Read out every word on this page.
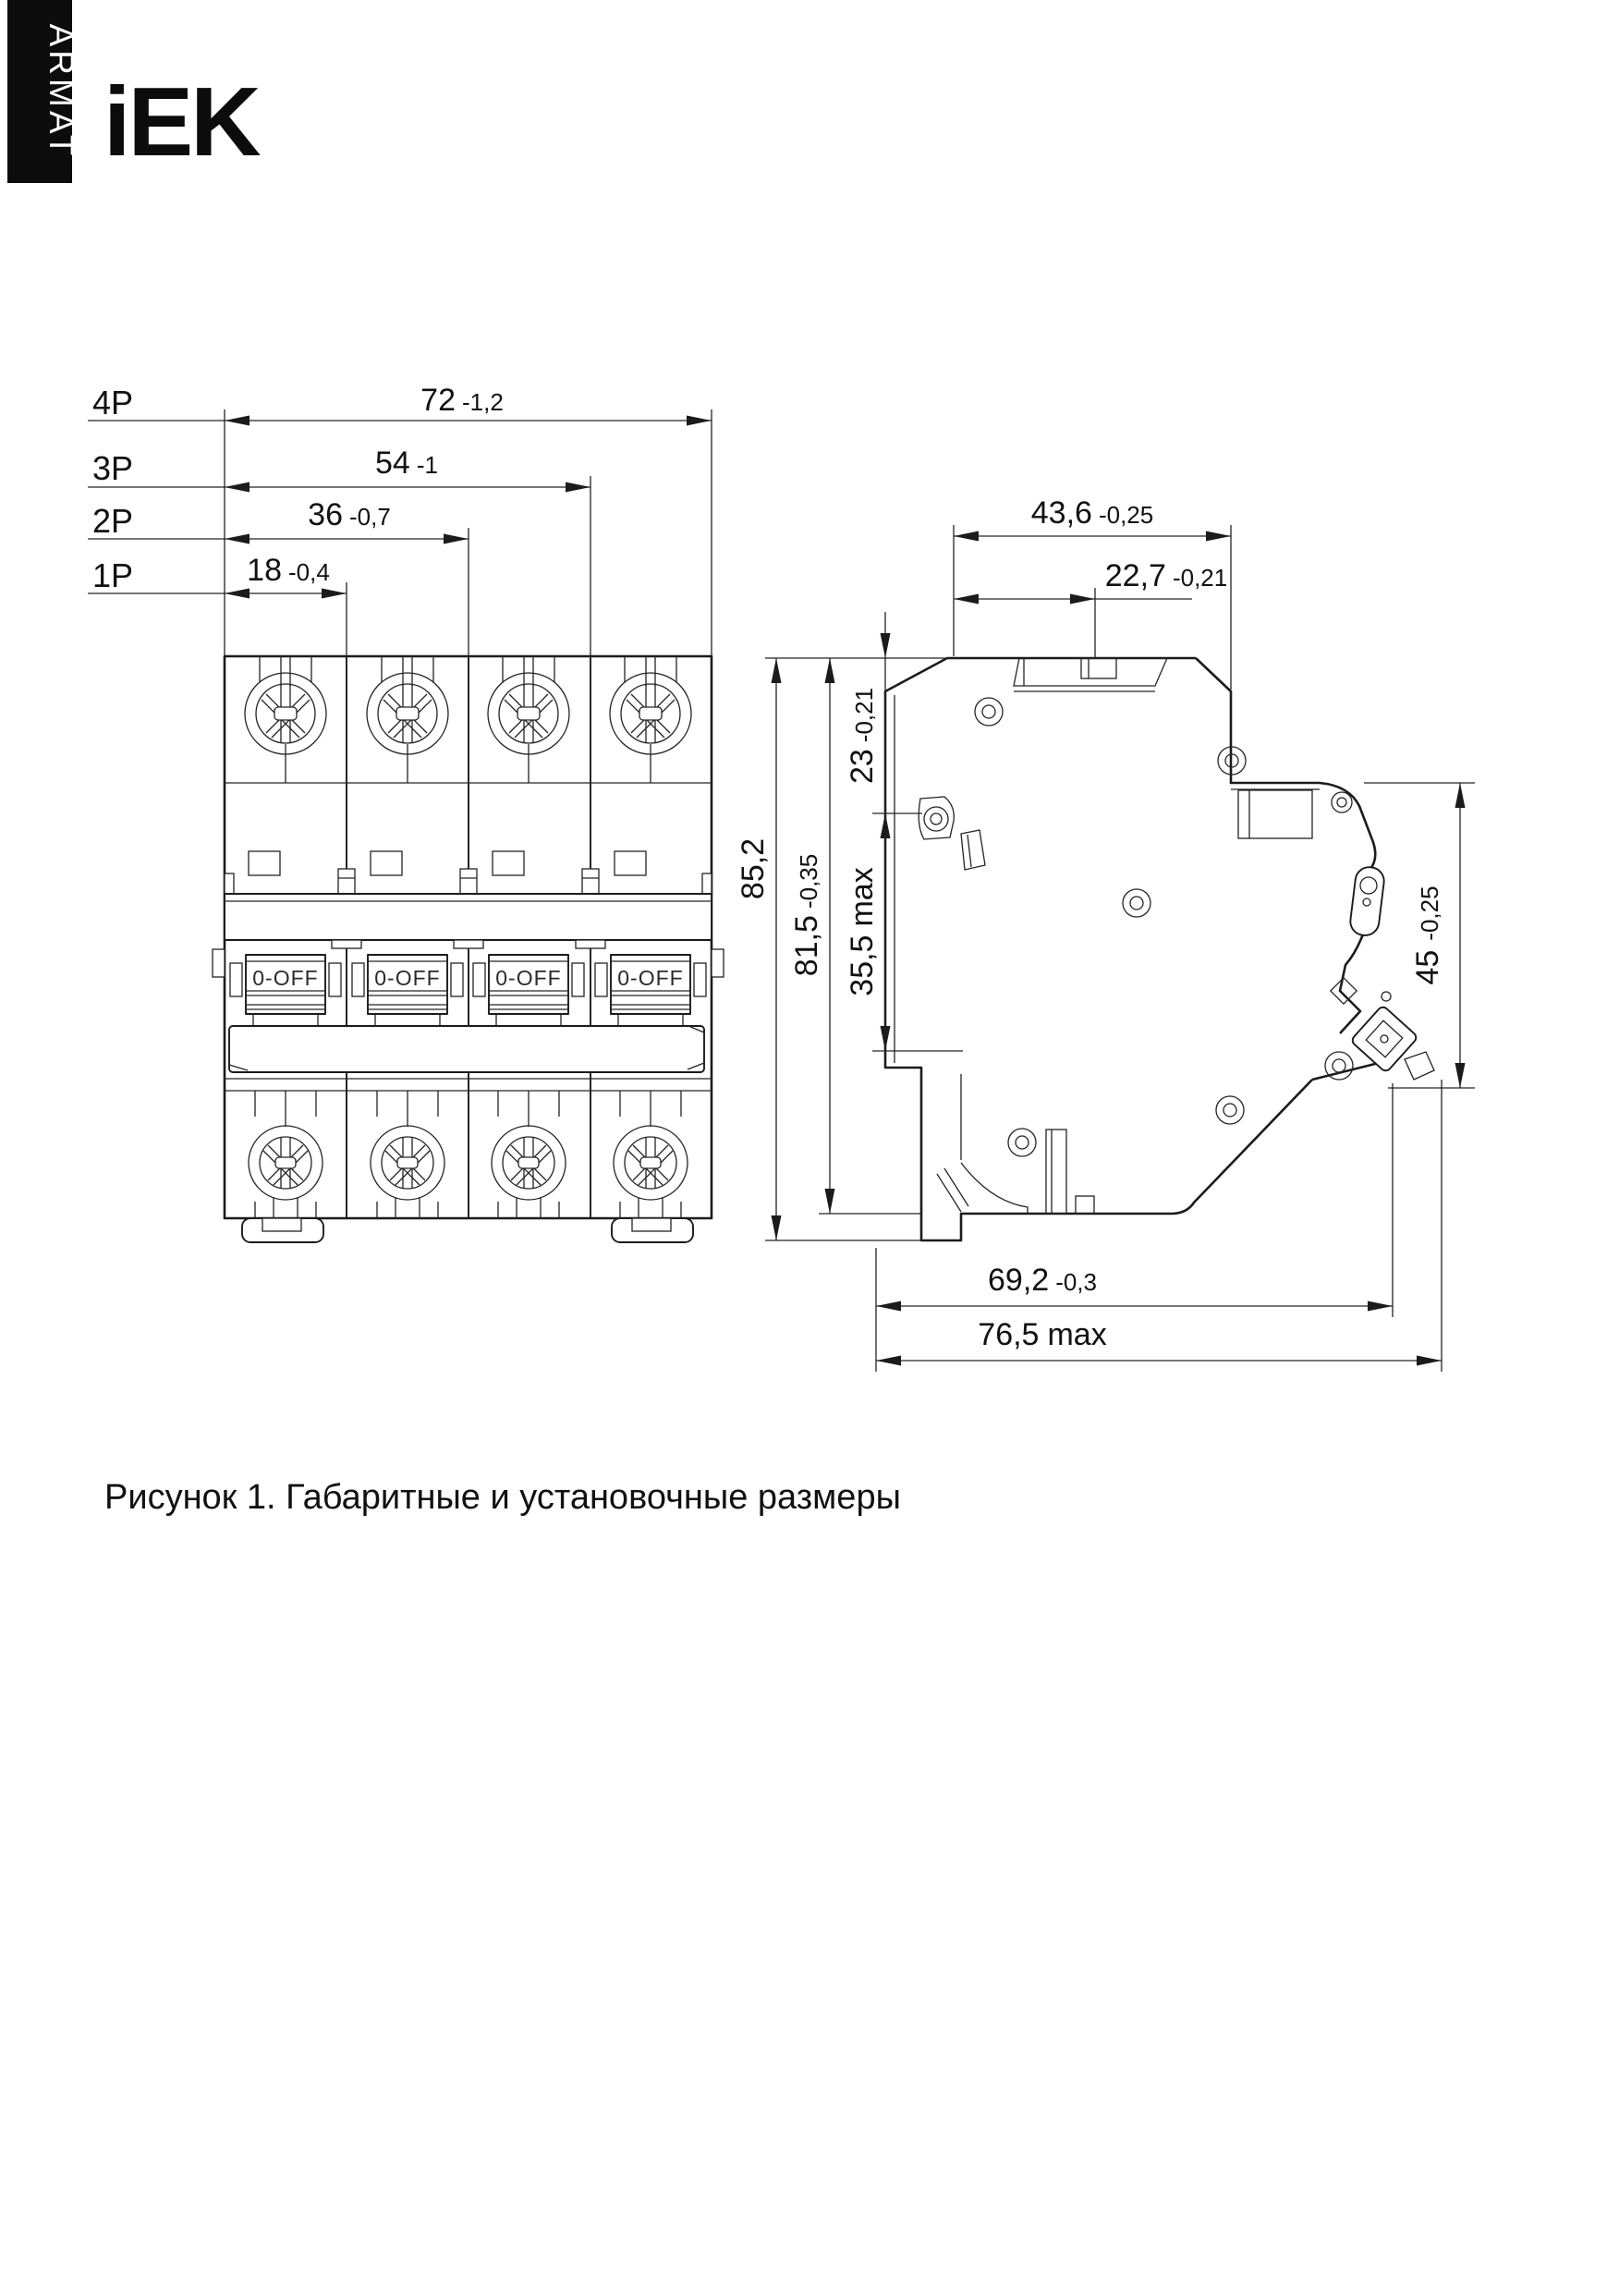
ARMAT iEK
0-OFF	0-OFF	0-OFF	0-OFF
4P	72 -1,2
3P	54 -1
2P	36 -0,7
1P	18 -0,4
43,6 -0,25
22,7 -0,21
23-0,21
35,5max
81,5-0,35
85,2
45-0,25
69,2 -0,3
76,5 max
Рисунок 1. Габаритные и установочные размеры
